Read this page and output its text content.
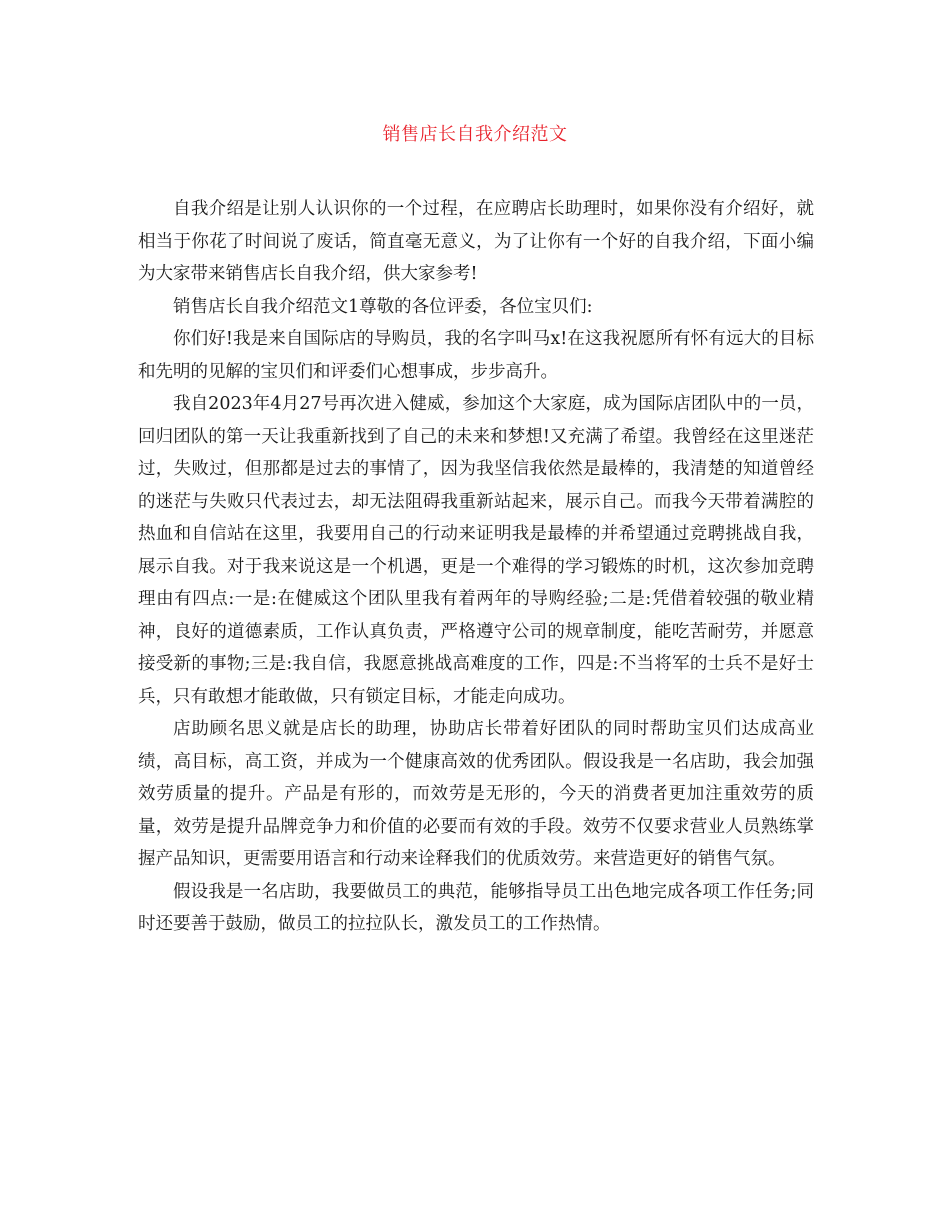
销售店长自我介绍范文

自我介绍是让别人认识你的一个过程，在应聘店长助理时，如果你没有介绍好，就相当于你花了时间说了废话，简直毫无意义，为了让你有一个好的自我介绍，下面小编为大家带来销售店长自我介绍，供大家参考!

销售店长自我介绍范文1尊敬的各位评委，各位宝贝们:

你们好!我是来自国际店的导购员，我的名字叫马x!在这我祝愿所有怀有远大的目标和先明的见解的宝贝们和评委们心想事成，步步高升。

我自2023年4月27号再次进入健威，参加这个大家庭，成为国际店团队中的一员，回归团队的第一天让我重新找到了自己的未来和梦想!又充满了希望。我曾经在这里迷茫过，失败过，但那都是过去的事情了，因为我坚信我依然是最棒的，我清楚的知道曾经的迷茫与失败只代表过去，却无法阻碍我重新站起来，展示自己。而我今天带着满腔的热血和自信站在这里，我要用自己的行动来证明我是最棒的并希望通过竞聘挑战自我，展示自我。对于我来说这是一个机遇，更是一个难得的学习锻炼的时机，这次参加竞聘理由有四点:一是:在健威这个团队里我有着两年的导购经验;二是:凭借着较强的敬业精神，良好的道德素质，工作认真负责，严格遵守公司的规章制度，能吃苦耐劳，并愿意接受新的事物;三是:我自信，我愿意挑战高难度的工作，四是:不当将军的士兵不是好士兵，只有敢想才能敢做，只有锁定目标，才能走向成功。

店助顾名思义就是店长的助理，协助店长带着好团队的同时帮助宝贝们达成高业绩，高目标，高工资，并成为一个健康高效的优秀团队。假设我是一名店助，我会加强效劳质量的提升。产品是有形的，而效劳是无形的，今天的消费者更加注重效劳的质量，效劳是提升品牌竞争力和价值的必要而有效的手段。效劳不仅要求营业人员熟练掌握产品知识，更需要用语言和行动来诠释我们的优质效劳。来营造更好的销售气氛。

假设我是一名店助，我要做员工的典范，能够指导员工出色地完成各项工作任务;同时还要善于鼓励，做员工的拉拉队长，激发员工的工作热情。
